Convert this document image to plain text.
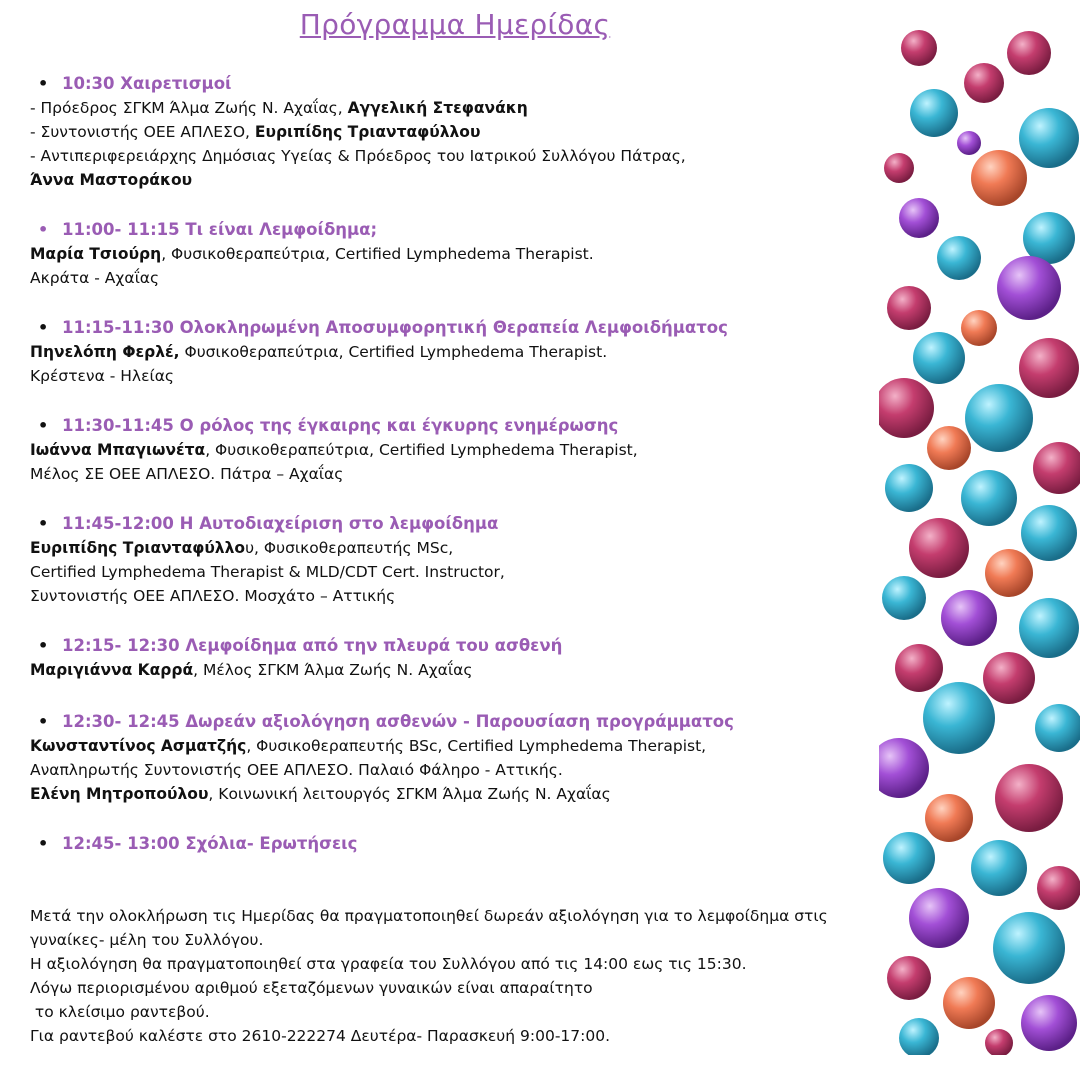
Πρόγραμμα Ημερίδας
• 10:30 Χαιρετισμοί
- Πρόεδρος ΣΓΚΜ Άλμα Ζωής Ν. Αχαΐας, Αγγελική Στεφανάκη
- Συντονιστής ΟΕΕ ΑΠΛΕΣΟ, Ευριπίδης Τριανταφύλλου
- Αντιπεριφερειάρχης Δημόσιας Υγείας & Πρόεδρος του Ιατρικού Συλλόγου Πάτρας,
Άννα Μαστοράκου
• 11:00- 11:15 Τι είναι Λεμφοίδημα;
Μαρία Τσιούρη, Φυσικοθεραπεύτρια, Certified Lymphedema Therapist.
Ακράτα - Αχαΐας
• 11:15-11:30 Ολοκληρωμένη Αποσυμφορητική Θεραπεία Λεμφοιδήματος
Πηνελόπη Φερλέ, Φυσικοθεραπεύτρια, Certified Lymphedema Therapist.
Κρέστενα - Ηλείας
• 11:30-11:45 Ο ρόλος της έγκαιρης και έγκυρης ενημέρωσης
Ιωάννα Μπαγιωνέτα, Φυσικοθεραπεύτρια, Certified Lymphedema Therapist,
Μέλος ΣΕ ΟΕΕ ΑΠΛΕΣΟ. Πάτρα – Αχαΐας
• 11:45-12:00 Η Αυτοδιαχείριση στο λεμφοίδημα
Ευριπίδης Τριανταφύλλου, Φυσικοθεραπευτής MSc,
Certified Lymphedema Therapist & MLD/CDT Cert. Instructor,
Συντονιστής ΟΕΕ ΑΠΛΕΣΟ. Μοσχάτο – Αττικής
• 12:15- 12:30 Λεμφοίδημα από την πλευρά του ασθενή
Μαριγιάννα Καρρά, Μέλος ΣΓΚΜ Άλμα Ζωής Ν. Αχαΐας
• 12:30- 12:45 Δωρεάν αξιολόγηση ασθενών - Παρουσίαση προγράμματος
Κωνσταντίνος Ασματζής, Φυσικοθεραπευτής BSc, Certified Lymphedema Therapist,
Αναπληρωτής Συντονιστής ΟΕΕ ΑΠΛΕΣΟ. Παλαιό Φάληρο - Αττικής.
Ελένη Μητροπούλου, Κοινωνική λειτουργός ΣΓΚΜ Άλμα Ζωής Ν. Αχαΐας
• 12:45- 13:00 Σχόλια- Ερωτήσεις
Μετά την ολοκλήρωση τις Ημερίδας θα πραγματοποιηθεί δωρεάν αξιολόγηση για το λεμφοίδημα στις
γυναίκες- μέλη του Συλλόγου.
Η αξιολόγηση θα πραγματοποιηθεί στα γραφεία του Συλλόγου από τις 14:00 εως τις 15:30.
Λόγω περιορισμένου αριθμού εξεταζόμενων γυναικών είναι απαραίτητο
το κλείσιμο ραντεβού.
Για ραντεβού καλέστε στο 2610-222274 Δευτέρα- Παρασκευή 9:00-17:00.
